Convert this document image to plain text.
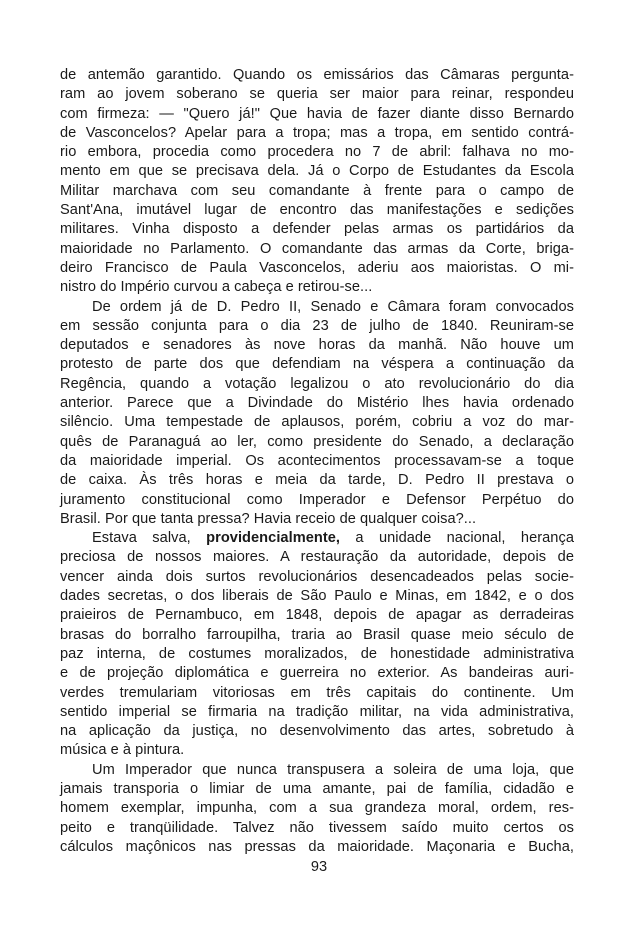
de antemão garantido. Quando os emissários das Câmaras pergunta-
ram ao jovem soberano se queria ser maior para reinar, respondeu
com firmeza: — "Quero já!" Que havia de fazer diante disso Bernardo
de Vasconcelos? Apelar para a tropa; mas a tropa, em sentido contrá-
rio embora, procedia como procedera no 7 de abril: falhava no mo-
mento em que se precisava dela. Já o Corpo de Estudantes da Escola
Militar marchava com seu comandante à frente para o campo de
Sant'Ana, imutável lugar de encontro das manifestações e sedições
militares. Vinha disposto a defender pelas armas os partidários da
maioridade no Parlamento. O comandante das armas da Corte, briga-
deiro Francisco de Paula Vasconcelos, aderiu aos maioristas. O mi-
nistro do Império curvou a cabeça e retirou-se...

De ordem já de D. Pedro II, Senado e Câmara foram convocados
em sessão conjunta para o dia 23 de julho de 1840. Reuniram-se
deputados e senadores às nove horas da manhã. Não houve um
protesto de parte dos que defendiam na véspera a continuação da
Regência, quando a votação legalizou o ato revolucionário do dia
anterior. Parece que a Divindade do Mistério lhes havia ordenado
silêncio. Uma tempestade de aplausos, porém, cobriu a voz do mar-
quês de Paranaguá ao ler, como presidente do Senado, a declaração
da maioridade imperial. Os acontecimentos processavam-se a toque
de caixa. Às três horas e meia da tarde, D. Pedro II prestava o
juramento constitucional como Imperador e Defensor Perpétuo do
Brasil. Por que tanta pressa? Havia receio de qualquer coisa?...

Estava salva, providencialmente, a unidade nacional, herança
preciosa de nossos maiores. A restauração da autoridade, depois de
vencer ainda dois surtos revolucionários desencadeados pelas socie-
dades secretas, o dos liberais de São Paulo e Minas, em 1842, e o dos
praieiros de Pernambuco, em 1848, depois de apagar as derradeiras
brasas do borralho farroupilha, traria ao Brasil quase meio século de
paz interna, de costumes moralizados, de honestidade administrativa
e de projeção diplomática e guerreira no exterior. As bandeiras auri-
verdes tremulariam vitoriosas em três capitais do continente. Um
sentido imperial se firmaria na tradição militar, na vida administrativa,
na aplicação da justiça, no desenvolvimento das artes, sobretudo à
música e à pintura.

Um Imperador que nunca transpusera a soleira de uma loja, que
jamais transporia o limiar de uma amante, pai de família, cidadão e
homem exemplar, impunha, com a sua grandeza moral, ordem, res-
peito e tranqüilidade. Talvez não tivessem saído muito certos os
cálculos maçônicos nas pressas da maioridade. Maçonaria e Bucha,

93
